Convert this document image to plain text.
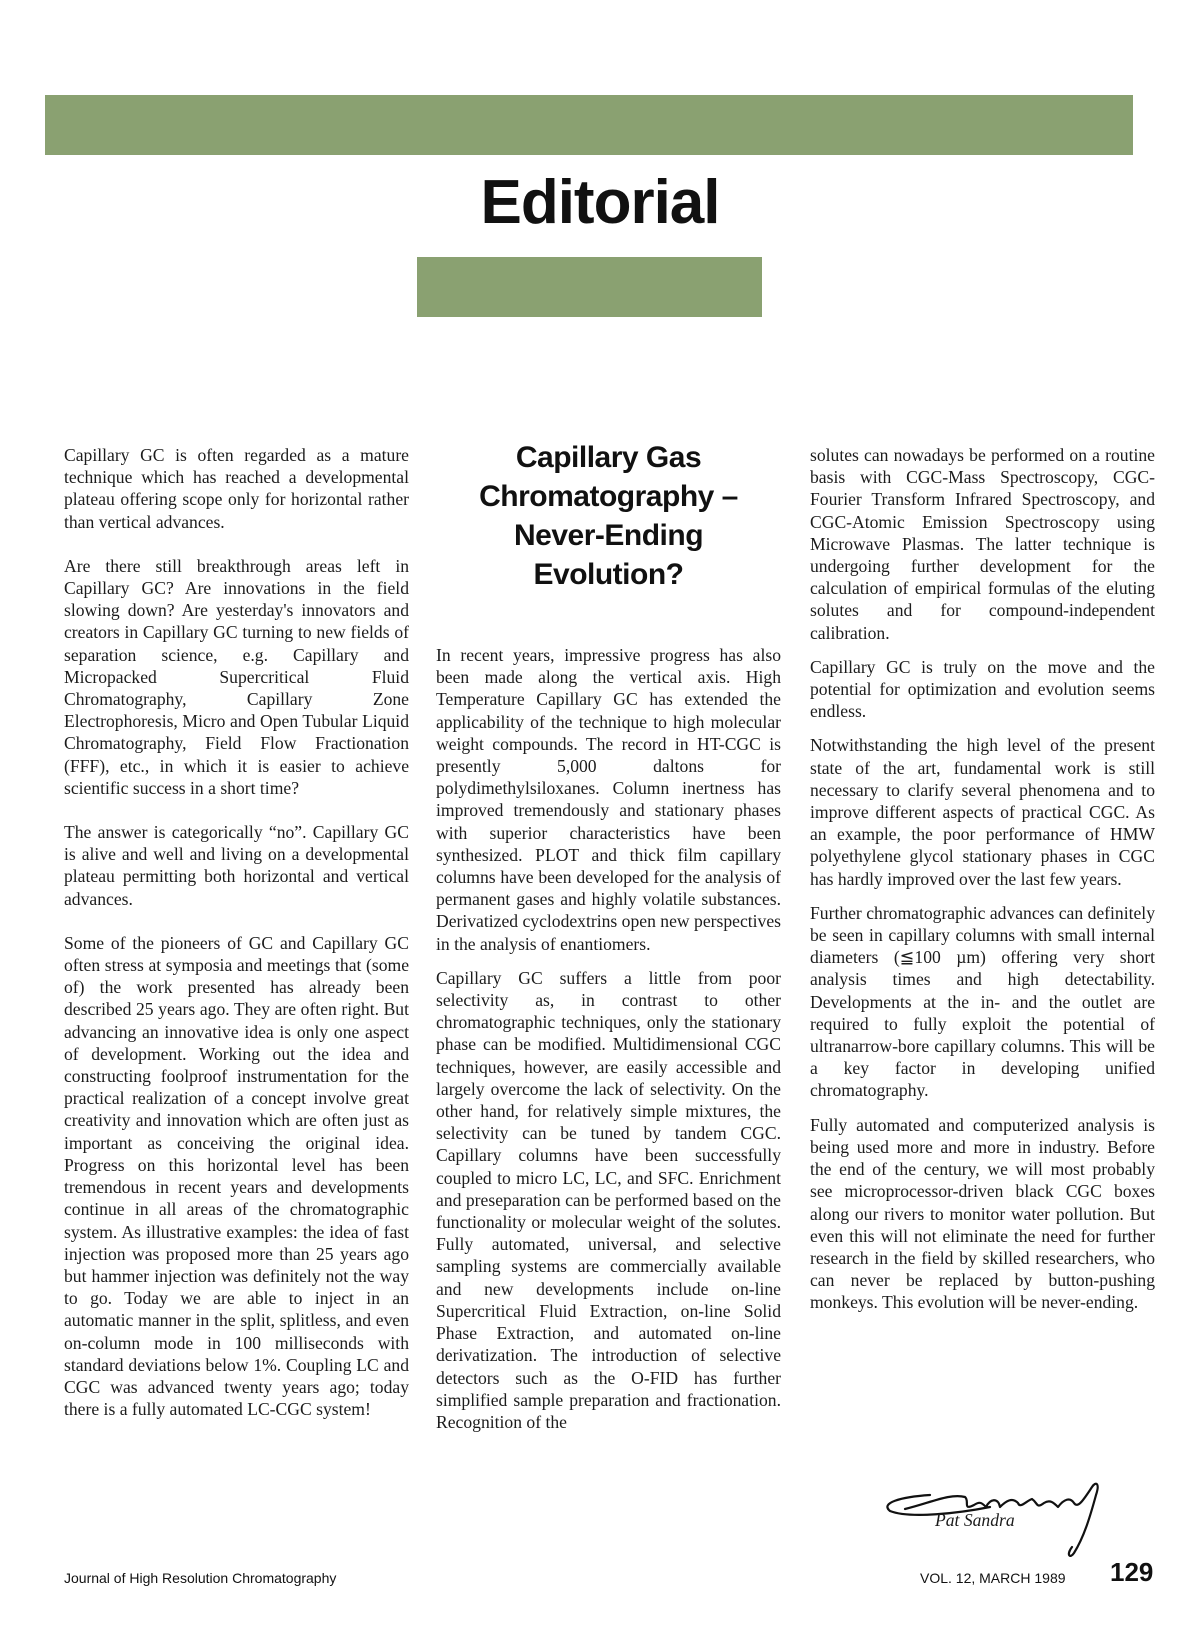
Editorial

Capillary GC is often regarded as a mature technique which has reached a developmental plateau offering scope only for horizontal rather than vertical advances.

Are there still breakthrough areas left in Capillary GC? Are innovations in the field slowing down? Are yesterday's innovators and creators in Capillary GC turning to new fields of separation science, e.g. Capillary and Micropacked Supercritical Fluid Chromatography, Capillary Zone Electrophoresis, Micro and Open Tubular Liquid Chromatography, Field Flow Fractionation (FFF), etc., in which it is easier to achieve scientific success in a short time?

The answer is categorically “no”. Capillary GC is alive and well and living on a developmental plateau permitting both horizontal and vertical advances.

Some of the pioneers of GC and Capillary GC often stress at symposia and meetings that (some of) the work presented has already been described 25 years ago. They are often right. But advancing an innovative idea is only one aspect of development. Working out the idea and constructing foolproof instrumentation for the practical realization of a concept involve great creativity and innovation which are often just as important as conceiving the original idea. Progress on this horizontal level has been tremendous in recent years and developments continue in all areas of the chromatographic system. As illustrative examples: the idea of fast injection was proposed more than 25 years ago but hammer injection was definitely not the way to go. Today we are able to inject in an automatic manner in the split, splitless, and even on-column mode in 100 milliseconds with standard deviations below 1%. Coupling LC and CGC was advanced twenty years ago; today there is a fully automated LC-CGC system!

Capillary Gas
Chromatography –
Never-Ending
Evolution?

In recent years, impressive progress has also been made along the vertical axis. High Temperature Capillary GC has extended the applicability of the technique to high molecular weight compounds. The record in HT-CGC is presently 5,000 daltons for polydimethylsiloxanes. Column inertness has improved tremendously and stationary phases with superior characteristics have been synthesized. PLOT and thick film capillary columns have been developed for the analysis of permanent gases and highly volatile substances. Derivatized cyclodextrins open new perspectives in the analysis of enantiomers.

Capillary GC suffers a little from poor selectivity as, in contrast to other chromatographic techniques, only the stationary phase can be modified. Multidimensional CGC techniques, however, are easily accessible and largely overcome the lack of selectivity. On the other hand, for relatively simple mixtures, the selectivity can be tuned by tandem CGC. Capillary columns have been successfully coupled to micro LC, LC, and SFC. Enrichment and preseparation can be performed based on the functionality or molecular weight of the solutes. Fully automated, universal, and selective sampling systems are commercially available and new developments include on-line Supercritical Fluid Extraction, on-line Solid Phase Extraction, and automated on-line derivatization. The introduction of selective detectors such as the O-FID has further simplified sample preparation and fractionation. Recognition of the

solutes can nowadays be performed on a routine basis with CGC-Mass Spectroscopy, CGC-Fourier Transform Infrared Spectroscopy, and CGC-Atomic Emission Spectroscopy using Microwave Plasmas. The latter technique is undergoing further development for the calculation of empirical formulas of the eluting solutes and for compound-independent calibration.

Capillary GC is truly on the move and the potential for optimization and evolution seems endless.

Notwithstanding the high level of the present state of the art, fundamental work is still necessary to clarify several phenomena and to improve different aspects of practical CGC. As an example, the poor performance of HMW polyethylene glycol stationary phases in CGC has hardly improved over the last few years.

Further chromatographic advances can definitely be seen in capillary columns with small internal diameters (≦100 µm) offering very short analysis times and high detectability. Developments at the in- and the outlet are required to fully exploit the potential of ultranarrow-bore capillary columns. This will be a key factor in developing unified chromatography.

Fully automated and computerized analysis is being used more and more in industry. Before the end of the century, we will most probably see microprocessor-driven black CGC boxes along our rivers to monitor water pollution. But even this will not eliminate the need for further research in the field by skilled researchers, who can never be replaced by button-pushing monkeys. This evolution will be never-ending.

Pat Sandra
Journal of High Resolution Chromatography	VOL. 12, MARCH 1989 129
